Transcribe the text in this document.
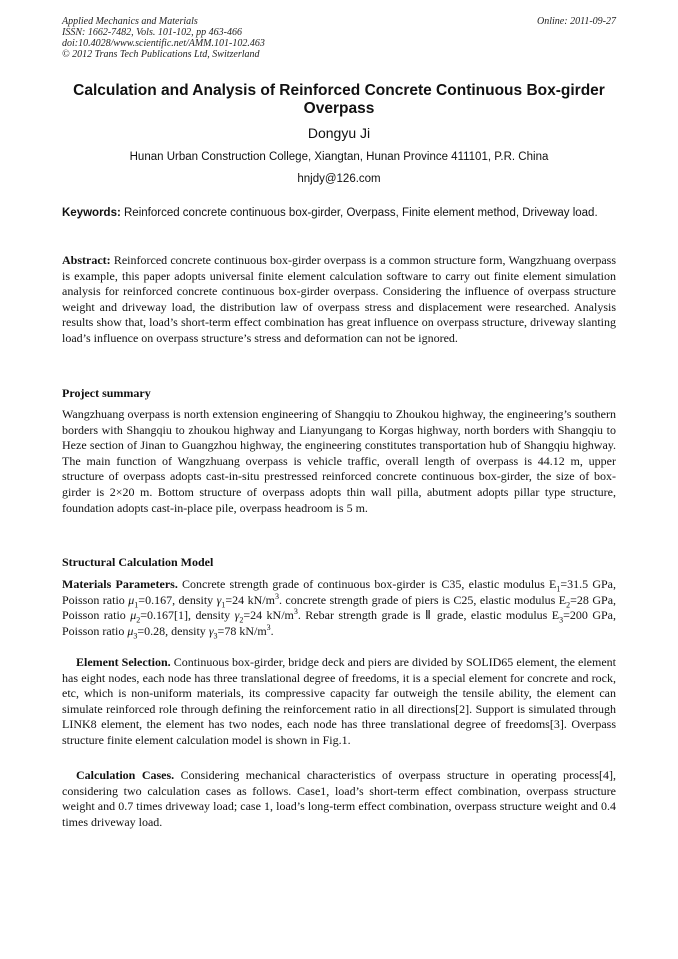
Applied Mechanics and Materials
ISSN: 1662-7482, Vols. 101-102, pp 463-466
doi:10.4028/www.scientific.net/AMM.101-102.463
© 2012 Trans Tech Publications Ltd, Switzerland
Online: 2011-09-27
Calculation and Analysis of Reinforced Concrete Continuous Box-girder Overpass
Dongyu Ji
Hunan Urban Construction College, Xiangtan, Hunan Province 411101, P.R. China
hnjdy@126.com
Keywords: Reinforced concrete continuous box-girder, Overpass, Finite element method, Driveway load.
Abstract: Reinforced concrete continuous box-girder overpass is a common structure form, Wangzhuang overpass is example, this paper adopts universal finite element calculation software to carry out finite element simulation analysis for reinforced concrete continuous box-girder overpass. Considering the influence of overpass structure weight and driveway load, the distribution law of overpass stress and displacement were researched. Analysis results show that, load’s short-term effect combination has great influence on overpass structure, driveway slanting load’s influence on overpass structure’s stress and deformation can not be ignored.
Project summary
Wangzhuang overpass is north extension engineering of Shangqiu to Zhoukou highway, the engineering’s southern borders with Shangqiu to zhoukou highway and Lianyungang to Korgas highway, north borders with Shangqiu to Heze section of Jinan to Guangzhou highway, the engineering constitutes transportation hub of Shangqiu highway. The main function of Wangzhuang overpass is vehicle traffic, overall length of overpass is 44.12 m, upper structure of overpass adopts cast-in-situ prestressed reinforced concrete continuous box-girder, the size of box-girder is 2×20 m. Bottom structure of overpass adopts thin wall pilla, abutment adopts pillar type structure, foundation adopts cast-in-place pile, overpass headroom is 5 m.
Structural Calculation Model
Materials Parameters. Concrete strength grade of continuous box-girder is C35, elastic modulus $E_1=31.5$ GPa, Poisson ratio $\mu_1=0.167$, density $\gamma_1=24$ $kN/m^3$. concrete strength grade of piers is C25, elastic modulus $E_2=28$ GPa, Poisson ratio $\mu_2=0.167[1]$, density $\gamma_2=24$ $kN/m^3$. Rebar strength grade is Ⅱ grade, elastic modulus $E_3=200$ GPa, Poisson ratio $\mu_3=0.28$, density $\gamma_3=78$ $kN/m^3$.
Element Selection. Continuous box-girder, bridge deck and piers are divided by SOLID65 element, the element has eight nodes, each node has three translational degree of freedoms, it is a special element for concrete and rock, etc, which is non-uniform materials, its compressive capacity far outweigh the tensile ability, the element can simulate reinforced role through defining the reinforcement ratio in all directions[2]. Support is simulated through LINK8 element, the element has two nodes, each node has three translational degree of freedoms[3]. Overpass structure finite element calculation model is shown in Fig.1.
Calculation Cases. Considering mechanical characteristics of overpass structure in operating process[4], considering two calculation cases as follows. Case1, load’s short-term effect combination, overpass structure weight and 0.7 times driveway load; case 1, load’s long-term effect combination, overpass structure weight and 0.4 times driveway load.
